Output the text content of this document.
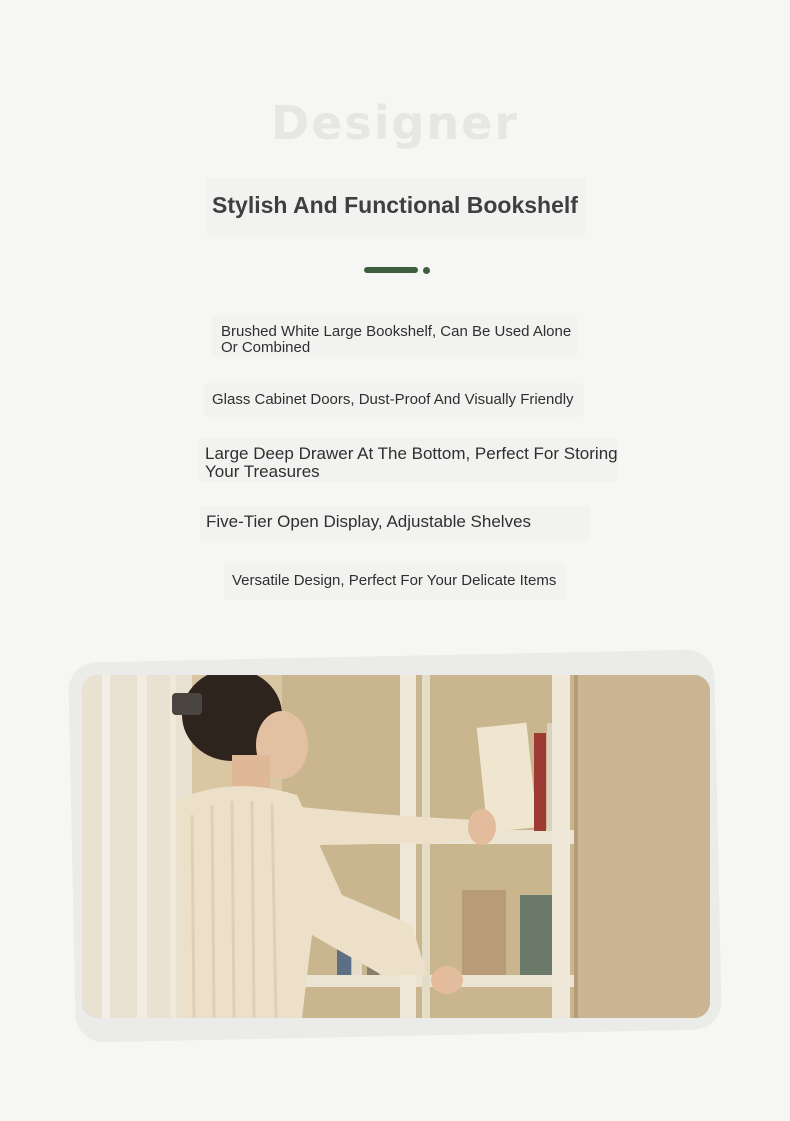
Designer
Stylish And Functional Bookshelf
Brushed White Large Bookshelf, Can Be Used Alone Or Combined
Glass Cabinet Doors, Dust-Proof And Visually Friendly
Large Deep Drawer At The Bottom, Perfect For Storing Your Treasures
Five-Tier Open Display, Adjustable Shelves
Versatile Design, Perfect For Your Delicate Items
